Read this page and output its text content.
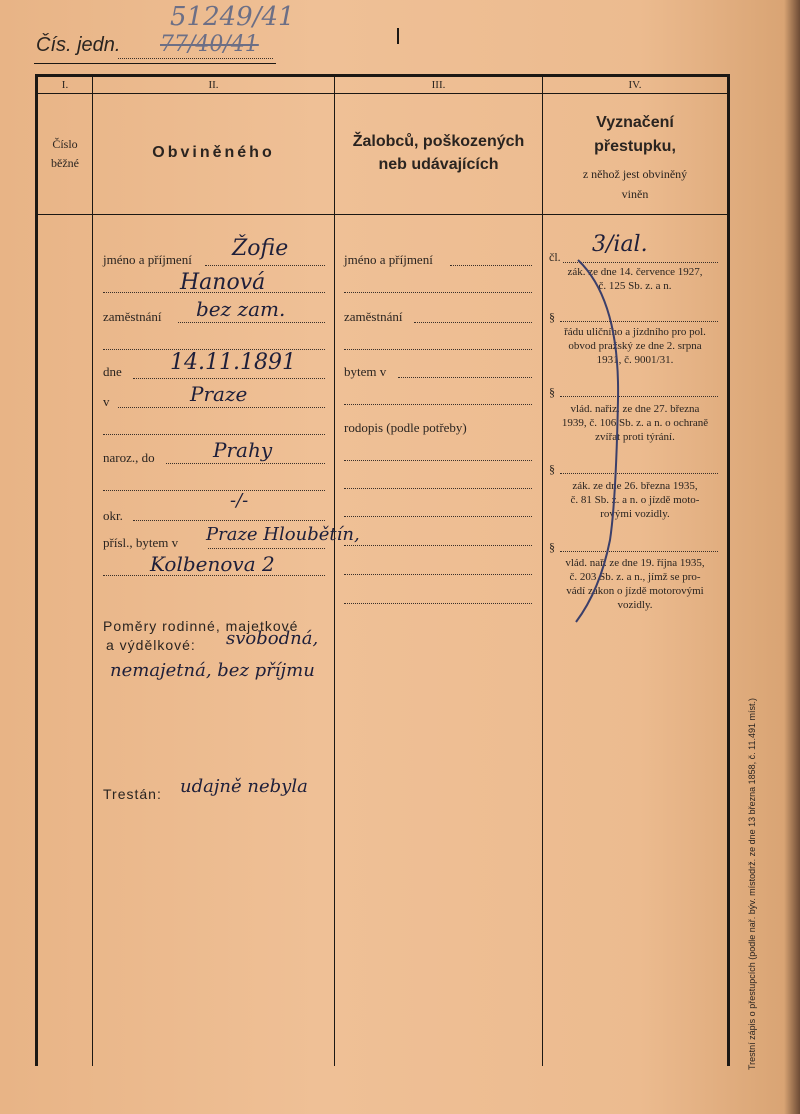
Čís. jedn.
51249/41
77/40/41
I.	II.	III.	IV.
Číslo
běžné
Obviněného
Žalobců, poškozených
neb udávajících
Vyznačení
přestupku,
z něhož jest obviněný
viněn
jméno a příjmení Žofie
Hanová
zaměstnání bez zam.
dne 14.11.1891
v	Praze
naroz., do	Prahy
okr.
-/-
přísl., bytem v Praze Hloubětín,
Kolbenova 2
Poměry rodinné, majetkové
a výdělkové: svobodná,
nemajetná, bez příjmu
Trestán: udajně nebyla
jméno a příjmení
zaměstnání
bytem v
rodopis (podle potřeby)
čl. 3/ial.
zák. ze dne 14. července 1927,
č. 125 Sb. z. a n.
§
řádu uličního a jízdního pro pol.
obvod pražský ze dne 2. srpna
1931, č. 9001/31.
§
vlád. nařiz. ze dne 27. března
1939, č. 106 Sb. z. a n. o ochraně
zvířat proti týrání.
§
zák. ze dne 26. března 1935,
č. 81 Sb. z. a n. o jízdě moto-
rovými vozidly.
§
vlád. nař. ze dne 19. října 1935,
č. 203 Sb. z. a n., jímž se pro-
vádí zákon o jízdě motorovými
vozidly.
Trestní zápis o přestupcích (podle nař. býv. místodrž. ze dne 13 března 1858, č. 11.491 míst.)
